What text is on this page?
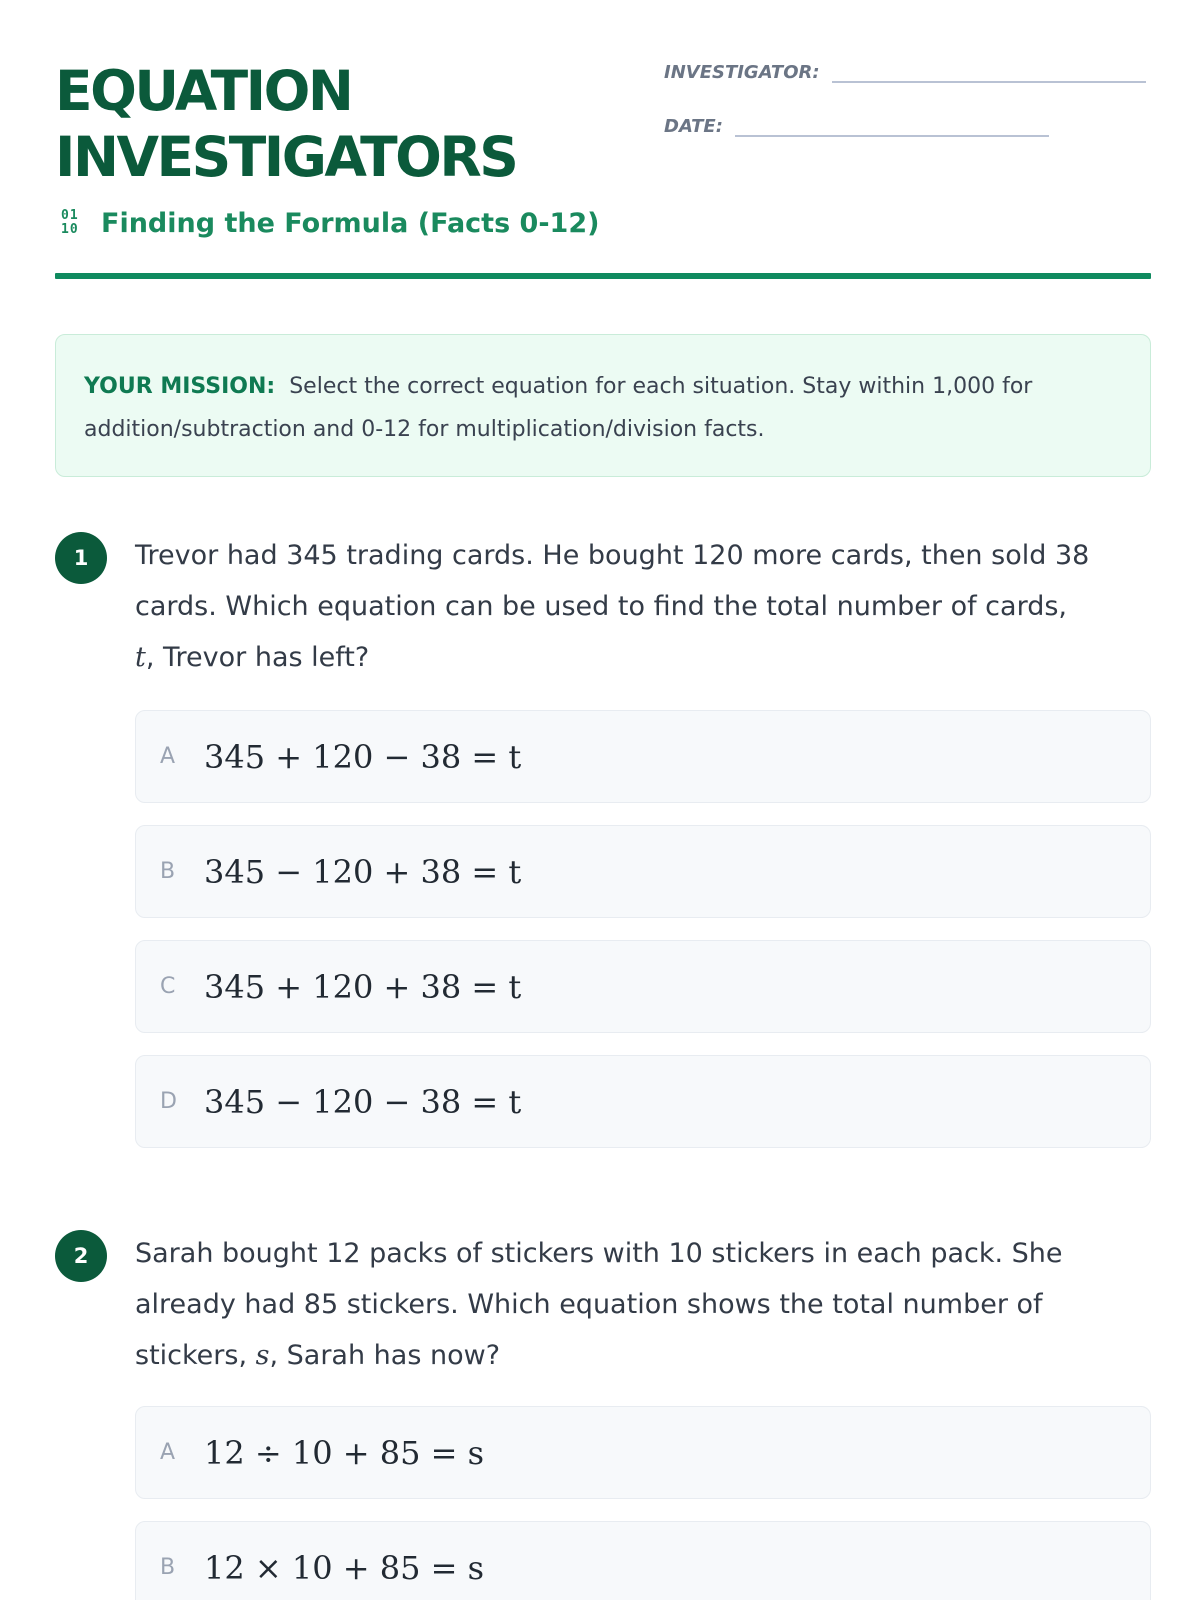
EQUATION
INVESTIGATORS
01
10 Finding the Formula (Facts 0-12)
INVESTIGATOR:
DATE:
YOUR MISSION: Select the correct equation for each situation. Stay within 1,000 for addition/subtraction and 0-12 for multiplication/division facts.
1	Trevor had 345 trading cards. He bought 120 more cards, then sold 38 cards. Which equation can be used to find the total number of cards, t, Trevor has left?
A 345 + 120 − 38 = t
B 345 − 120 + 38 = t
C 345 + 120 + 38 = t
D 345 − 120 − 38 = t
2	Sarah bought 12 packs of stickers with 10 stickers in each pack. She already had 85 stickers. Which equation shows the total number of stickers, s, Sarah has now?
A 12 ÷ 10 + 85 = s
B 12 × 10 + 85 = s
